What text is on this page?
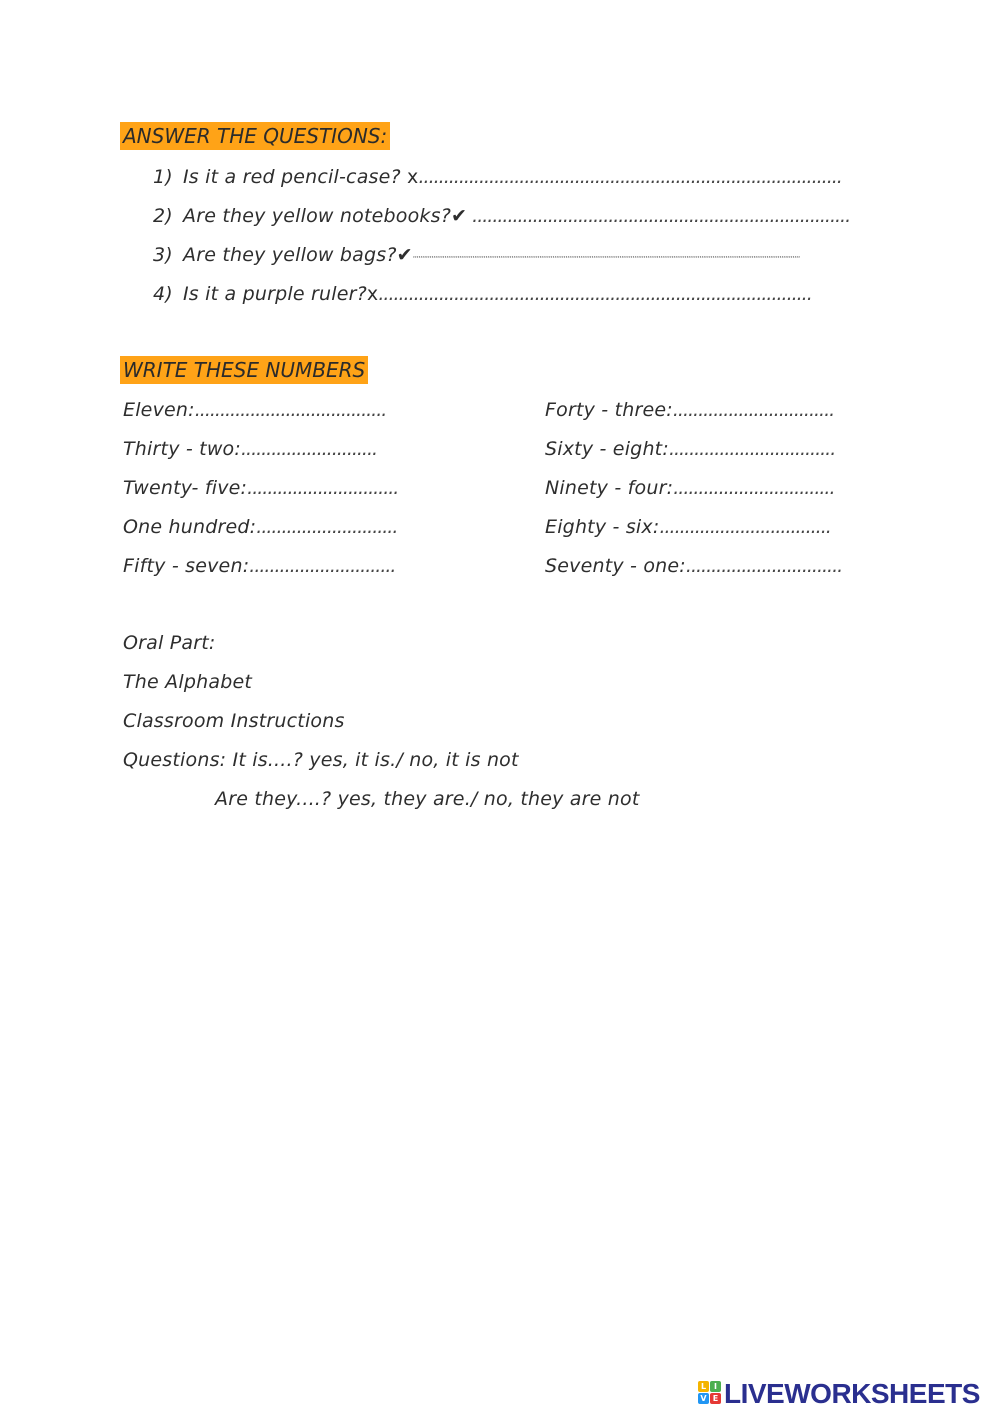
ANSWER THE QUESTIONS:
1) Is it a red pencil-case? x....................................................................................
2) Are they yellow notebooks?✔ ...........................................................................
3) Are they yellow bags?✔................................................................................................................................................................................................................
4) Is it a purple ruler?x......................................................................................
WRITE THESE NUMBERS
Eleven:......................................
Thirty - two:...........................
Twenty- five:..............................
One hundred:............................
Fifty - seven:.............................
Forty - three:................................
Sixty - eight:.................................
Ninety - four:................................
Eighty - six:..................................
Seventy - one:...............................
Oral Part:
The Alphabet
Classroom Instructions
Questions: It is....? yes, it is./ no, it is not
Are they....? yes, they are./ no, they are not
L I
V E LIVEWORKSHEETS
